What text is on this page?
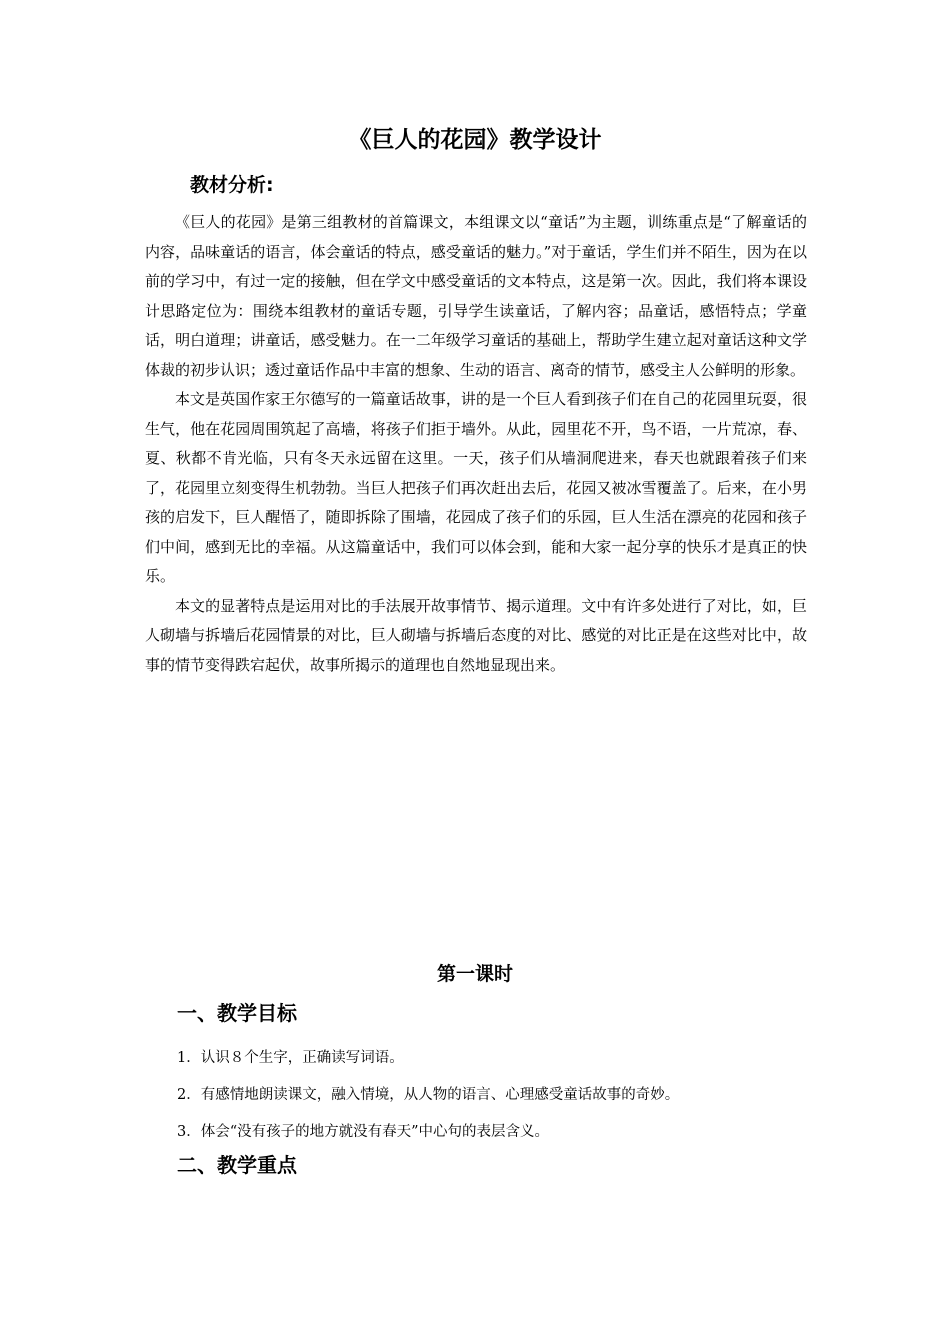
《巨人的花园》教学设计
教材分析:

《巨人的花园》是第三组教材的首篇课文，本组课文以“童话”为主题，训练重点是“了解童话的内容，品味童话的语言，体会童话的特点，感受童话的魅力。”对于童话，学生们并不陌生，因为在以前的学习中，有过一定的接触，但在学文中感受童话的文本特点，这是第一次。因此，我们将本课设计思路定位为：围绕本组教材的童话专题，引导学生读童话，了解内容；品童话，感悟特点；学童话，明白道理；讲童话，感受魅力。在一二年级学习童话的基础上，帮助学生建立起对童话这种文学体裁的初步认识；透过童话作品中丰富的想象、生动的语言、离奇的情节，感受主人公鲜明的形象。

本文是英国作家王尔德写的一篇童话故事，讲的是一个巨人看到孩子们在自己的花园里玩耍，很生气，他在花园周围筑起了高墙，将孩子们拒于墙外。从此，园里花不开，鸟不语，一片荒凉，春、夏、秋都不肯光临，只有冬天永远留在这里。一天，孩子们从墙洞爬进来，春天也就跟着孩子们来了，花园里立刻变得生机勃勃。当巨人把孩子们再次赶出去后，花园又被冰雪覆盖了。后来，在小男孩的启发下，巨人醒悟了，随即拆除了围墙，花园成了孩子们的乐园，巨人生活在漂亮的花园和孩子们中间，感到无比的幸福。从这篇童话中，我们可以体会到，能和大家一起分享的快乐才是真正的快乐。

本文的显著特点是运用对比的手法展开故事情节、揭示道理。文中有许多处进行了对比，如，巨人砌墙与拆墙后花园情景的对比，巨人砌墙与拆墙后态度的对比、感觉的对比正是在这些对比中，故事的情节变得跌宕起伏，故事所揭示的道理也自然地显现出来。

第一课时
一、教学目标
1．认识８个生字，正确读写词语。
2．有感情地朗读课文，融入情境，从人物的语言、心理感受童话故事的奇妙。
3．体会“没有孩子的地方就没有春天”中心句的表层含义。
二、教学重点
